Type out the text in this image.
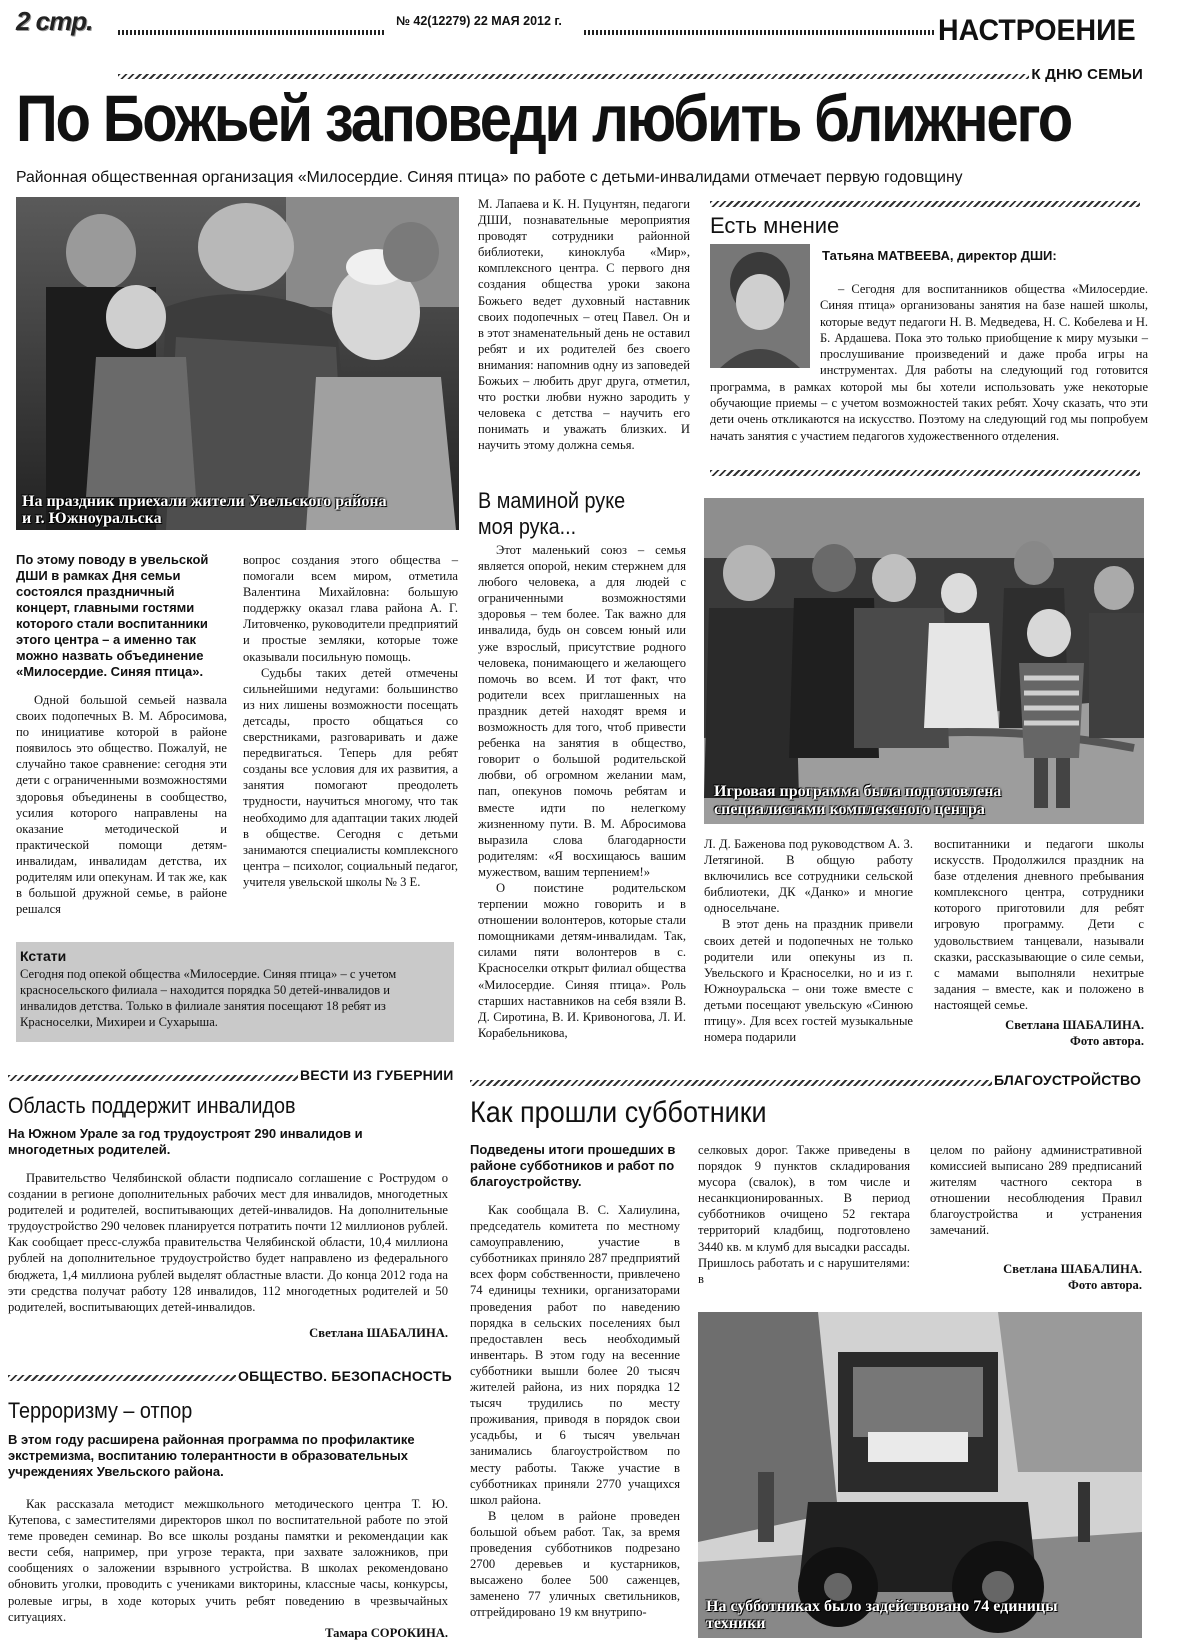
2 стр.	№ 42(12279) 22 МАЯ 2012 г.	НАСТРОЕНИЕ
К ДНЮ СЕМЬИ
По Божьей заповеди любить ближнего
Районная общественная организация «Милосердие. Синяя птица» по работе с детьми-инвалидами отмечает первую годовщину
На праздник приехали жители Увельского района
и г. Южноуральска

М. Лапаева и К. Н. Пуцунтян, педагоги ДШИ, познавательные мероприятия проводят сотрудники районной библиотеки, киноклуба «Мир», комплексного центра. С первого дня создания общества уроки закона Божьего ведет духовный наставник своих подопечных – отец Павел. Он и в этот знаменательный день не оставил ребят и их родителей без своего внимания: напомнив одну из заповедей Божьих – любить друг друга, отметил, что ростки любви нужно зародить у человека с детства – научить его понимать и уважать близких. И научить этому должна семья.

Есть мнение
Татьяна МАТВЕЕВА, директор ДШИ:

– Сегодня для воспитанников общества «Милосердие. Синяя птица» организованы занятия на базе нашей школы, которые ведут педагоги Н. В. Медведева, Н. С. Кобелева и Н. Б. Ардашева. Пока это только приобщение к миру музыки – прослушивание произведений и даже проба игры на инструментах. Для работы на следующий год готовится программа, в рамках которой мы бы хотели использовать уже некоторые обучающие приемы – с учетом возможностей таких ребят. Хочу сказать, что эти дети очень откликаются на искусство. Поэтому на следующий год мы попробуем начать занятия с участием педагогов художественного отделения.

В маминой руке
моя рука...
По этому поводу в увельской ДШИ в рамках Дня семьи состоялся праздничный концерт, главными гостями которого стали воспитанники этого центра – а именно так можно назвать объединение «Милосердие. Синяя птица».

Одной большой семьей назвала своих подопечных В. М. Абросимова, по инициативе которой в районе появилось это общество. Пожалуй, не случайно такое сравнение: сегодня эти дети с ограниченными возможностями здоровья объединены в сообщество, усилия которого направлены на оказание методической и практической помощи детям-инвалидам, инвалидам детства, их родителям или опекунам. И так же, как в большой дружной семье, в районе решался

вопрос создания этого общества – помогали всем миром, отметила Валентина Михайловна: большую поддержку оказал глава района А. Г. Литовченко, руководители предприятий и простые земляки, которые тоже оказывали посильную помощь.

Судьбы таких детей отмечены сильнейшими недугами: большинство из них лишены возможности посещать детсады, просто общаться со сверстниками, разговаривать и даже передвигаться. Теперь для ребят созданы все условия для их развития, а занятия помогают преодолеть трудности, научиться многому, что так необходимо для адаптации таких людей в обществе. Сегодня с детьми занимаются специалисты комплексного центра – психолог, социальный педагог, учителя увельской школы № 3 Е.

Этот маленький союз – семья является опорой, неким стержнем для любого человека, а для людей с ограниченными возможностями здоровья – тем более. Так важно для инвалида, будь он совсем юный или уже взрослый, присутствие родного человека, понимающего и желающего помочь во всем. И тот факт, что родители всех приглашенных на праздник детей находят время и возможность для того, чтоб привести ребенка на занятия в общество, говорит о большой родительской любви, об огромном желании мам, пап, опекунов помочь ребятам и вместе идти по нелегкому жизненному пути. В. М. Абросимова выразила слова благодарности родителям: «Я восхищаюсь вашим мужеством, вашим терпением!»

О поистине родительском терпении можно говорить и в отношении волонтеров, которые стали помощниками детям-инвалидам. Так, силами пяти волонтеров в с. Красноселки открыт филиал общества «Милосердие. Синяя птица». Роль старших наставников на себя взяли В. Д. Сиротина, В. И. Кривоногова, Л. И. Корабельникова,

Игровая программа была подготовлена
специалистами комплексного центра

Л. Д. Баженова под руководством А. З. Летягиной. В общую работу включились все сотрудники сельской библиотеки, ДК «Данко» и многие односельчане.

В этот день на праздник привели своих детей и подопечных не только родители или опекуны из п. Увельского и Красноселки, но и из г. Южноуральска – они тоже вместе с детьми посещают увельскую «Синюю птицу». Для всех гостей музыкальные номера подарили

воспитанники и педагоги школы искусств. Продолжился праздник на базе отделения дневного пребывания комплексного центра, сотрудники которого приготовили для ребят игровую программу. Дети с удовольствием танцевали, называли сказки, рассказывающие о силе семьи, с мамами выполняли нехитрые задания – вместе, как и положено в настоящей семье.

Светлана ШАБАЛИНА.
Фото автора.
Кстати
Сегодня под опекой общества «Милосердие. Синяя птица» – с учетом красносельского филиала – находится порядка 50 детей-инвалидов и инвалидов детства. Только в филиале занятия посещают 18 ребят из Красноселки, Михиреи и Сухарыша.
ВЕСТИ ИЗ ГУБЕРНИИ	БЛАГОУСТРОЙСТВО
Область поддержит инвалидов
На Южном Урале за год трудоустроят 290 инвалидов и многодетных родителей.

Правительство Челябинской области подписало соглашение с Рострудом о создании в регионе дополнительных рабочих мест для инвалидов, многодетных родителей и родителей, воспитывающих детей-инвалидов. На дополнительные трудоустройство 290 человек планируется потратить почти 12 миллионов рублей. Как сообщает пресс-служба правительства Челябинской области, 10,4 миллиона рублей на дополнительное трудоустройство будет направлено из федерального бюджета, 1,4 миллиона рублей выделят областные власти. До конца 2012 года на эти средства получат работу 128 инвалидов, 112 многодетных родителей и 50 родителей, воспитывающих детей-инвалидов.

Светлана ШАБАЛИНА.
ОБЩЕСТВО. БЕЗОПАСНОСТЬ
Терроризму – отпор
В этом году расширена районная программа по профилактике экстремизма, воспитанию толерантности в образовательных учреждениях Увельского района.

Как рассказала методист межшкольного методического центра Т. Ю. Кутепова, с заместителями директоров школ по воспитательной работе по этой теме проведен семинар. Во все школы розданы памятки и рекомендации как вести себя, например, при угрозе теракта, при захвате заложников, при сообщениях о заложении взрывного устройства. В школах рекомендовано обновить уголки, проводить с учениками викторины, классные часы, конкурсы, ролевые игры, в ходе которых учить ребят поведению в чрезвычайных ситуациях.

Тамара СОРОКИНА.
Как прошли субботники
Подведены итоги прошедших в районе субботников и работ по благоустройству.

Как сообщала В. С. Халиулина, председатель комитета по местному самоуправлению, участие в субботниках приняло 287 предприятий всех форм собственности, привлечено 74 единицы техники, организаторами проведения работ по наведению порядка в сельских поселениях был предоставлен весь необходимый инвентарь. В этом году на весенние субботники вышли более 20 тысяч жителей района, из них порядка 12 тысяч трудились по месту проживания, приводя в порядок свои усадьбы, и 6 тысяч увельчан занимались благоустройством по месту работы. Также участие в субботниках приняли 2770 учащихся школ района.

В целом в районе проведен большой объем работ. Так, за время проведения субботников подрезано 2700 деревьев и кустарников, высажено более 500 саженцев, заменено 77 уличных светильников, отгрейдировано 19 км внутрипо-

селковых дорог. Также приведены в порядок 9 пунктов складирования мусора (свалок), в том числе и несанкционированных. В период субботников очищено 52 гектара территорий кладбищ, подготовлено 3440 кв. м клумб для высадки рассады. Пришлось работать и с нарушителями: в

целом по району административной комиссией выписано 289 предписаний жителям частного сектора в отношении несоблюдения Правил благоустройства и устранения замечаний.

Светлана ШАБАЛИНА.
Фото автора.
На субботниках было задействовано 74 единицы
техники
